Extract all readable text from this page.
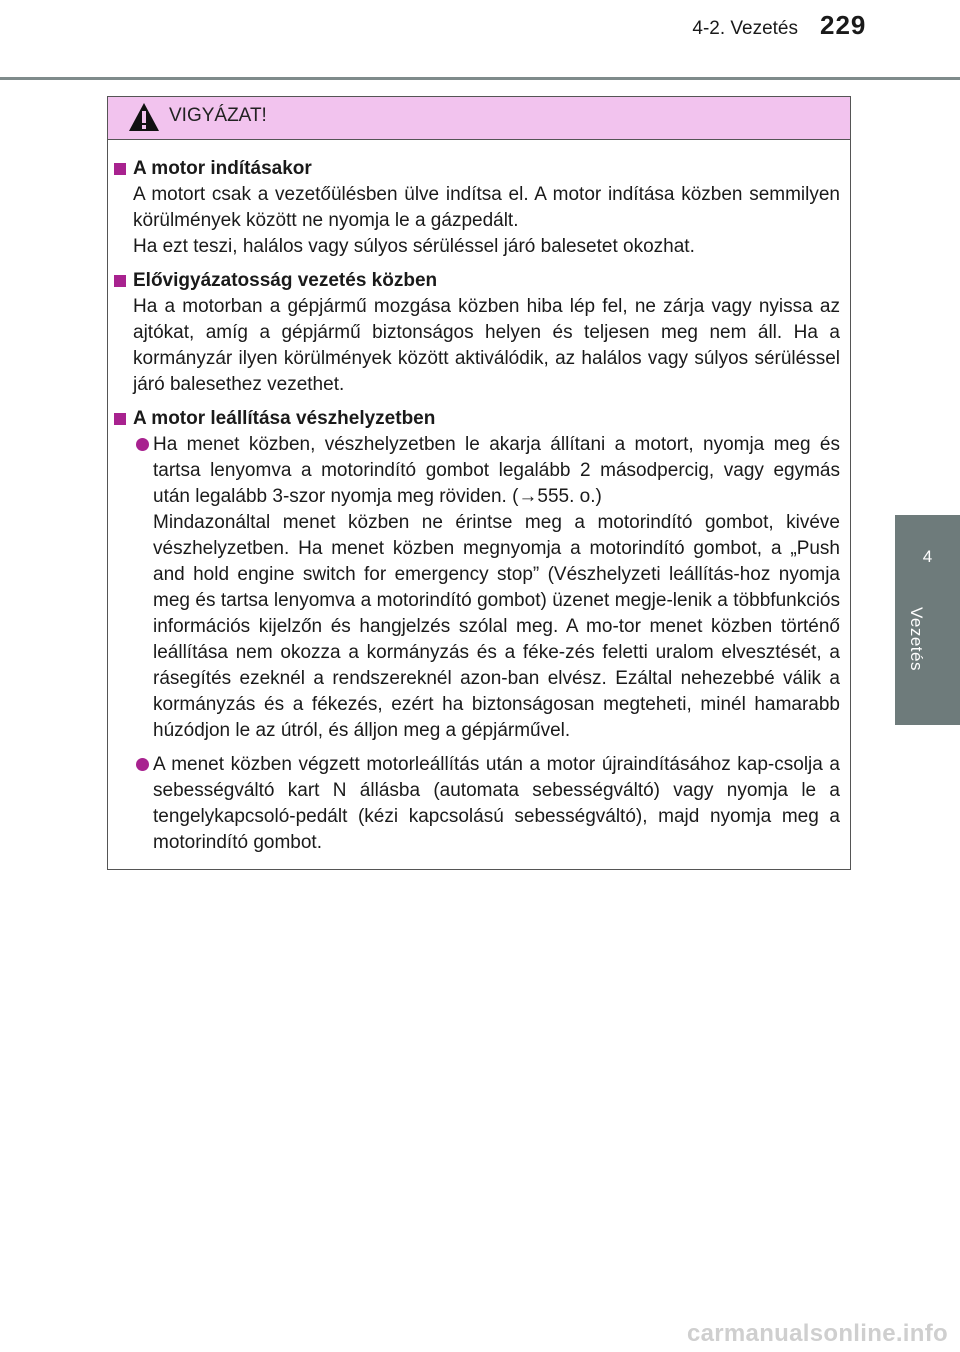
4-2. Vezetés 229
4
Vezetés
VIGYÁZAT!
A motor indításakor
A motort csak a vezetőülésben ülve indítsa el. A motor indítása közben semmilyen körülmények között ne nyomja le a gázpedált.
Ha ezt teszi, halálos vagy súlyos sérüléssel járó balesetet okozhat.
Elővigyázatosság vezetés közben
Ha a motorban a gépjármű mozgása közben hiba lép fel, ne zárja vagy nyissa az ajtókat, amíg a gépjármű biztonságos helyen és teljesen meg nem áll. Ha a kormányzár ilyen körülmények között aktiválódik, az halálos vagy súlyos sérüléssel járó balesethez vezethet.
A motor leállítása vészhelyzetben
Ha menet közben, vészhelyzetben le akarja állítani a motort, nyomja meg és tartsa lenyomva a motorindító gombot legalább 2 másodpercig, vagy egymás után legalább 3-szor nyomja meg röviden. (→555. o.)
Mindazonáltal menet közben ne érintse meg a motorindító gombot, kivéve vészhelyzetben. Ha menet közben megnyomja a motorindító gombot, a „Push and hold engine switch for emergency stop” (Vészhelyzeti leállítás-hoz nyomja meg és tartsa lenyomva a motorindító gombot) üzenet megje-lenik a többfunkciós információs kijelzőn és hangjelzés szólal meg. A mo-tor menet közben történő leállítása nem okozza a kormányzás és a féke-zés feletti uralom elvesztését, a rásegítés ezeknél a rendszereknél azon-ban elvész. Ezáltal nehezebbé válik a kormányzás és a fékezés, ezért ha biztonságosan megteheti, minél hamarabb húzódjon le az útról, és álljon meg a gépjárművel.
A menet közben végzett motorleállítás után a motor újraindításához kap-csolja a sebességváltó kart N állásba (automata sebességváltó) vagy nyomja le a tengelykapcsoló-pedált (kézi kapcsolású sebességváltó), majd nyomja meg a motorindító gombot.
carmanualsonline.info
